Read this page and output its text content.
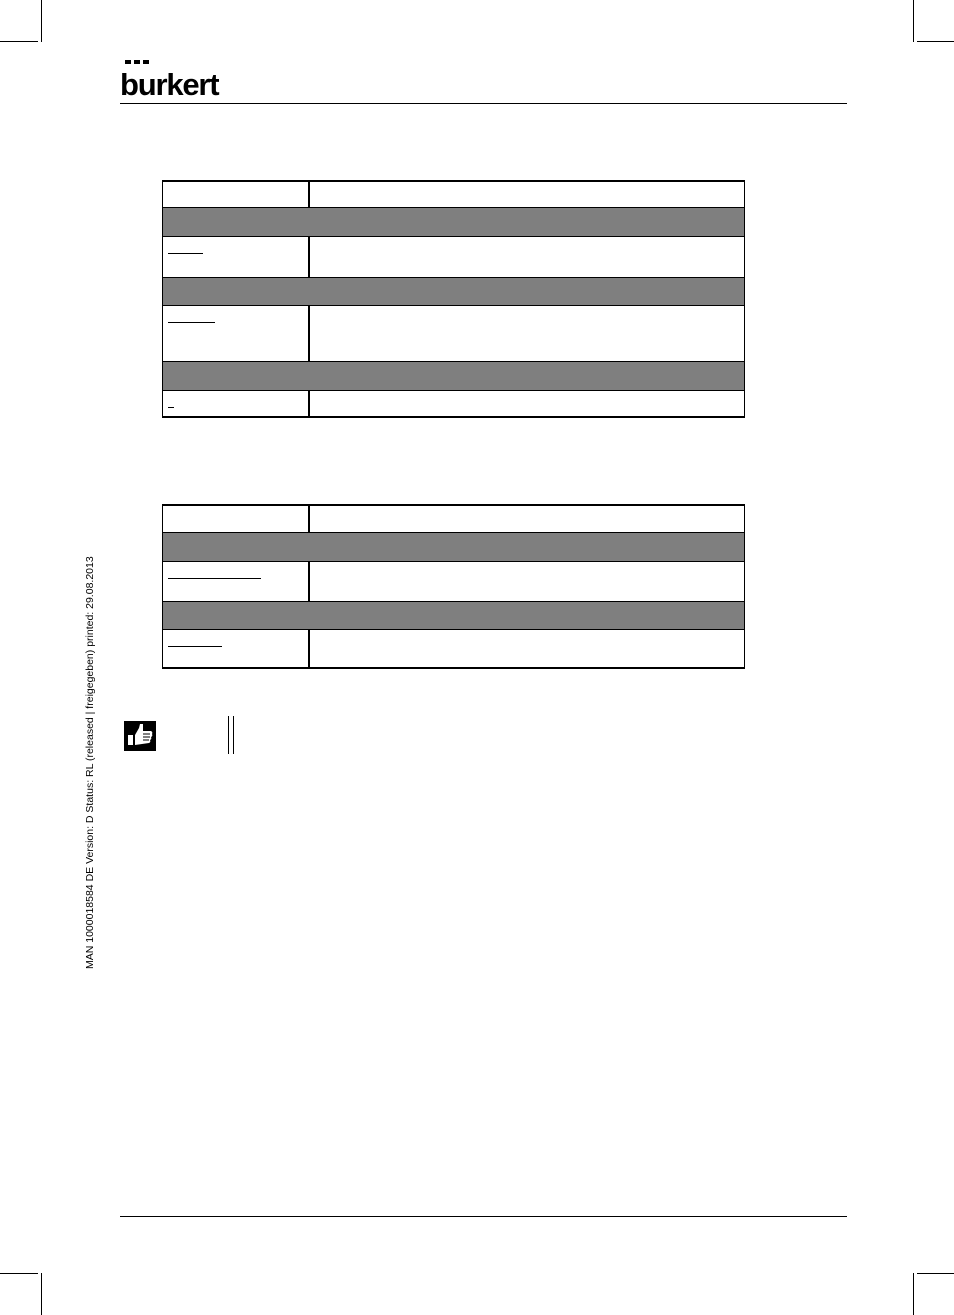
burkert
MAN 1000018584 DE Version: D Status: RL (released | freigegeben) printed: 29.08.2013
